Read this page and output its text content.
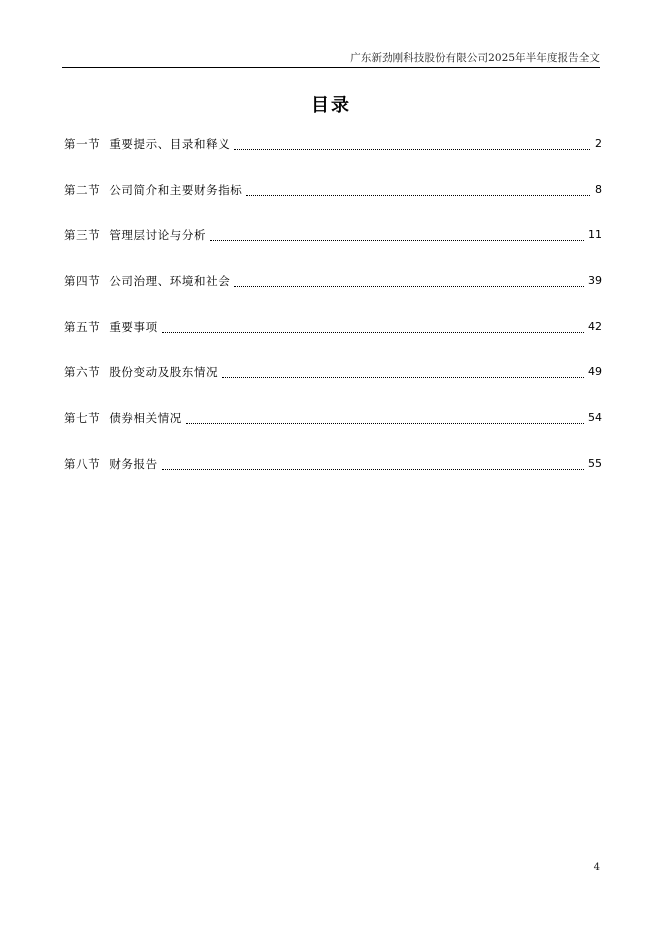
广东新劲刚科技股份有限公司2025年半年度报告全文
目录
第一节 重要提示、目录和释义	2
第二节 公司简介和主要财务指标	8
第三节 管理层讨论与分析	11
第四节 公司治理、环境和社会	39
第五节 重要事项	42
第六节 股份变动及股东情况	49
第七节 债券相关情况	54
第八节 财务报告	55
4
